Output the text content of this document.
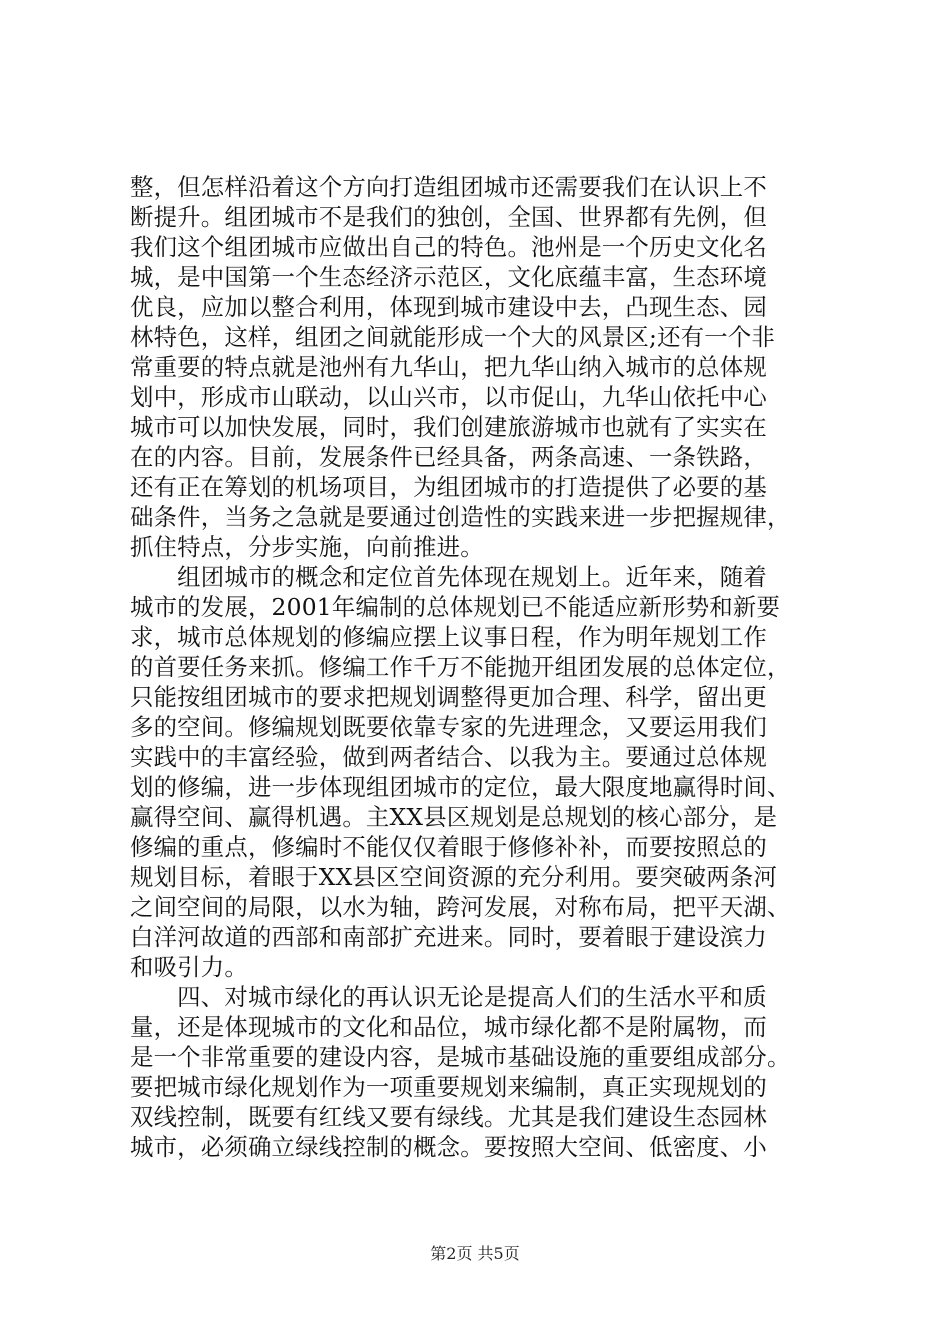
整，但怎样沿着这个方向打造组团城市还需要我们在认识上不
断提升。组团城市不是我们的独创，全国、世界都有先例，但
我们这个组团城市应做出自己的特色。池州是一个历史文化名
城，是中国第一个生态经济示范区，文化底蕴丰富，生态环境
优良，应加以整合利用，体现到城市建设中去，凸现生态、园
林特色，这样，组团之间就能形成一个大的风景区;还有一个非
常重要的特点就是池州有九华山，把九华山纳入城市的总体规
划中，形成市山联动，以山兴市，以市促山，九华山依托中心
城市可以加快发展，同时，我们创建旅游城市也就有了实实在
在的内容。目前，发展条件已经具备，两条高速、一条铁路，
还有正在筹划的机场项目，为组团城市的打造提供了必要的基
础条件，当务之急就是要通过创造性的实践来进一步把握规律，
抓住特点，分步实施，向前推进。
　　组团城市的概念和定位首先体现在规划上。近年来，随着
城市的发展，2001年编制的总体规划已不能适应新形势和新要
求，城市总体规划的修编应摆上议事日程，作为明年规划工作
的首要任务来抓。修编工作千万不能抛开组团发展的总体定位，
只能按组团城市的要求把规划调整得更加合理、科学，留出更
多的空间。修编规划既要依靠专家的先进理念，又要运用我们
实践中的丰富经验，做到两者结合、以我为主。要通过总体规
划的修编，进一步体现组团城市的定位，最大限度地赢得时间、
赢得空间、赢得机遇。主XX县区规划是总规划的核心部分，是
修编的重点，修编时不能仅仅着眼于修修补补，而要按照总的
规划目标，着眼于XX县区空间资源的充分利用。要突破两条河
之间空间的局限，以水为轴，跨河发展，对称布局，把平天湖、
白洋河故道的西部和南部扩充进来。同时，要着眼于建设滨力
和吸引力。
　　四、对城市绿化的再认识无论是提高人们的生活水平和质
量，还是体现城市的文化和品位，城市绿化都不是附属物，而
是一个非常重要的建设内容，是城市基础设施的重要组成部分。
要把城市绿化规划作为一项重要规划来编制，真正实现规划的
双线控制，既要有红线又要有绿线。尤其是我们建设生态园林
城市，必须确立绿线控制的概念。要按照大空间、低密度、小
第2页 共5页
